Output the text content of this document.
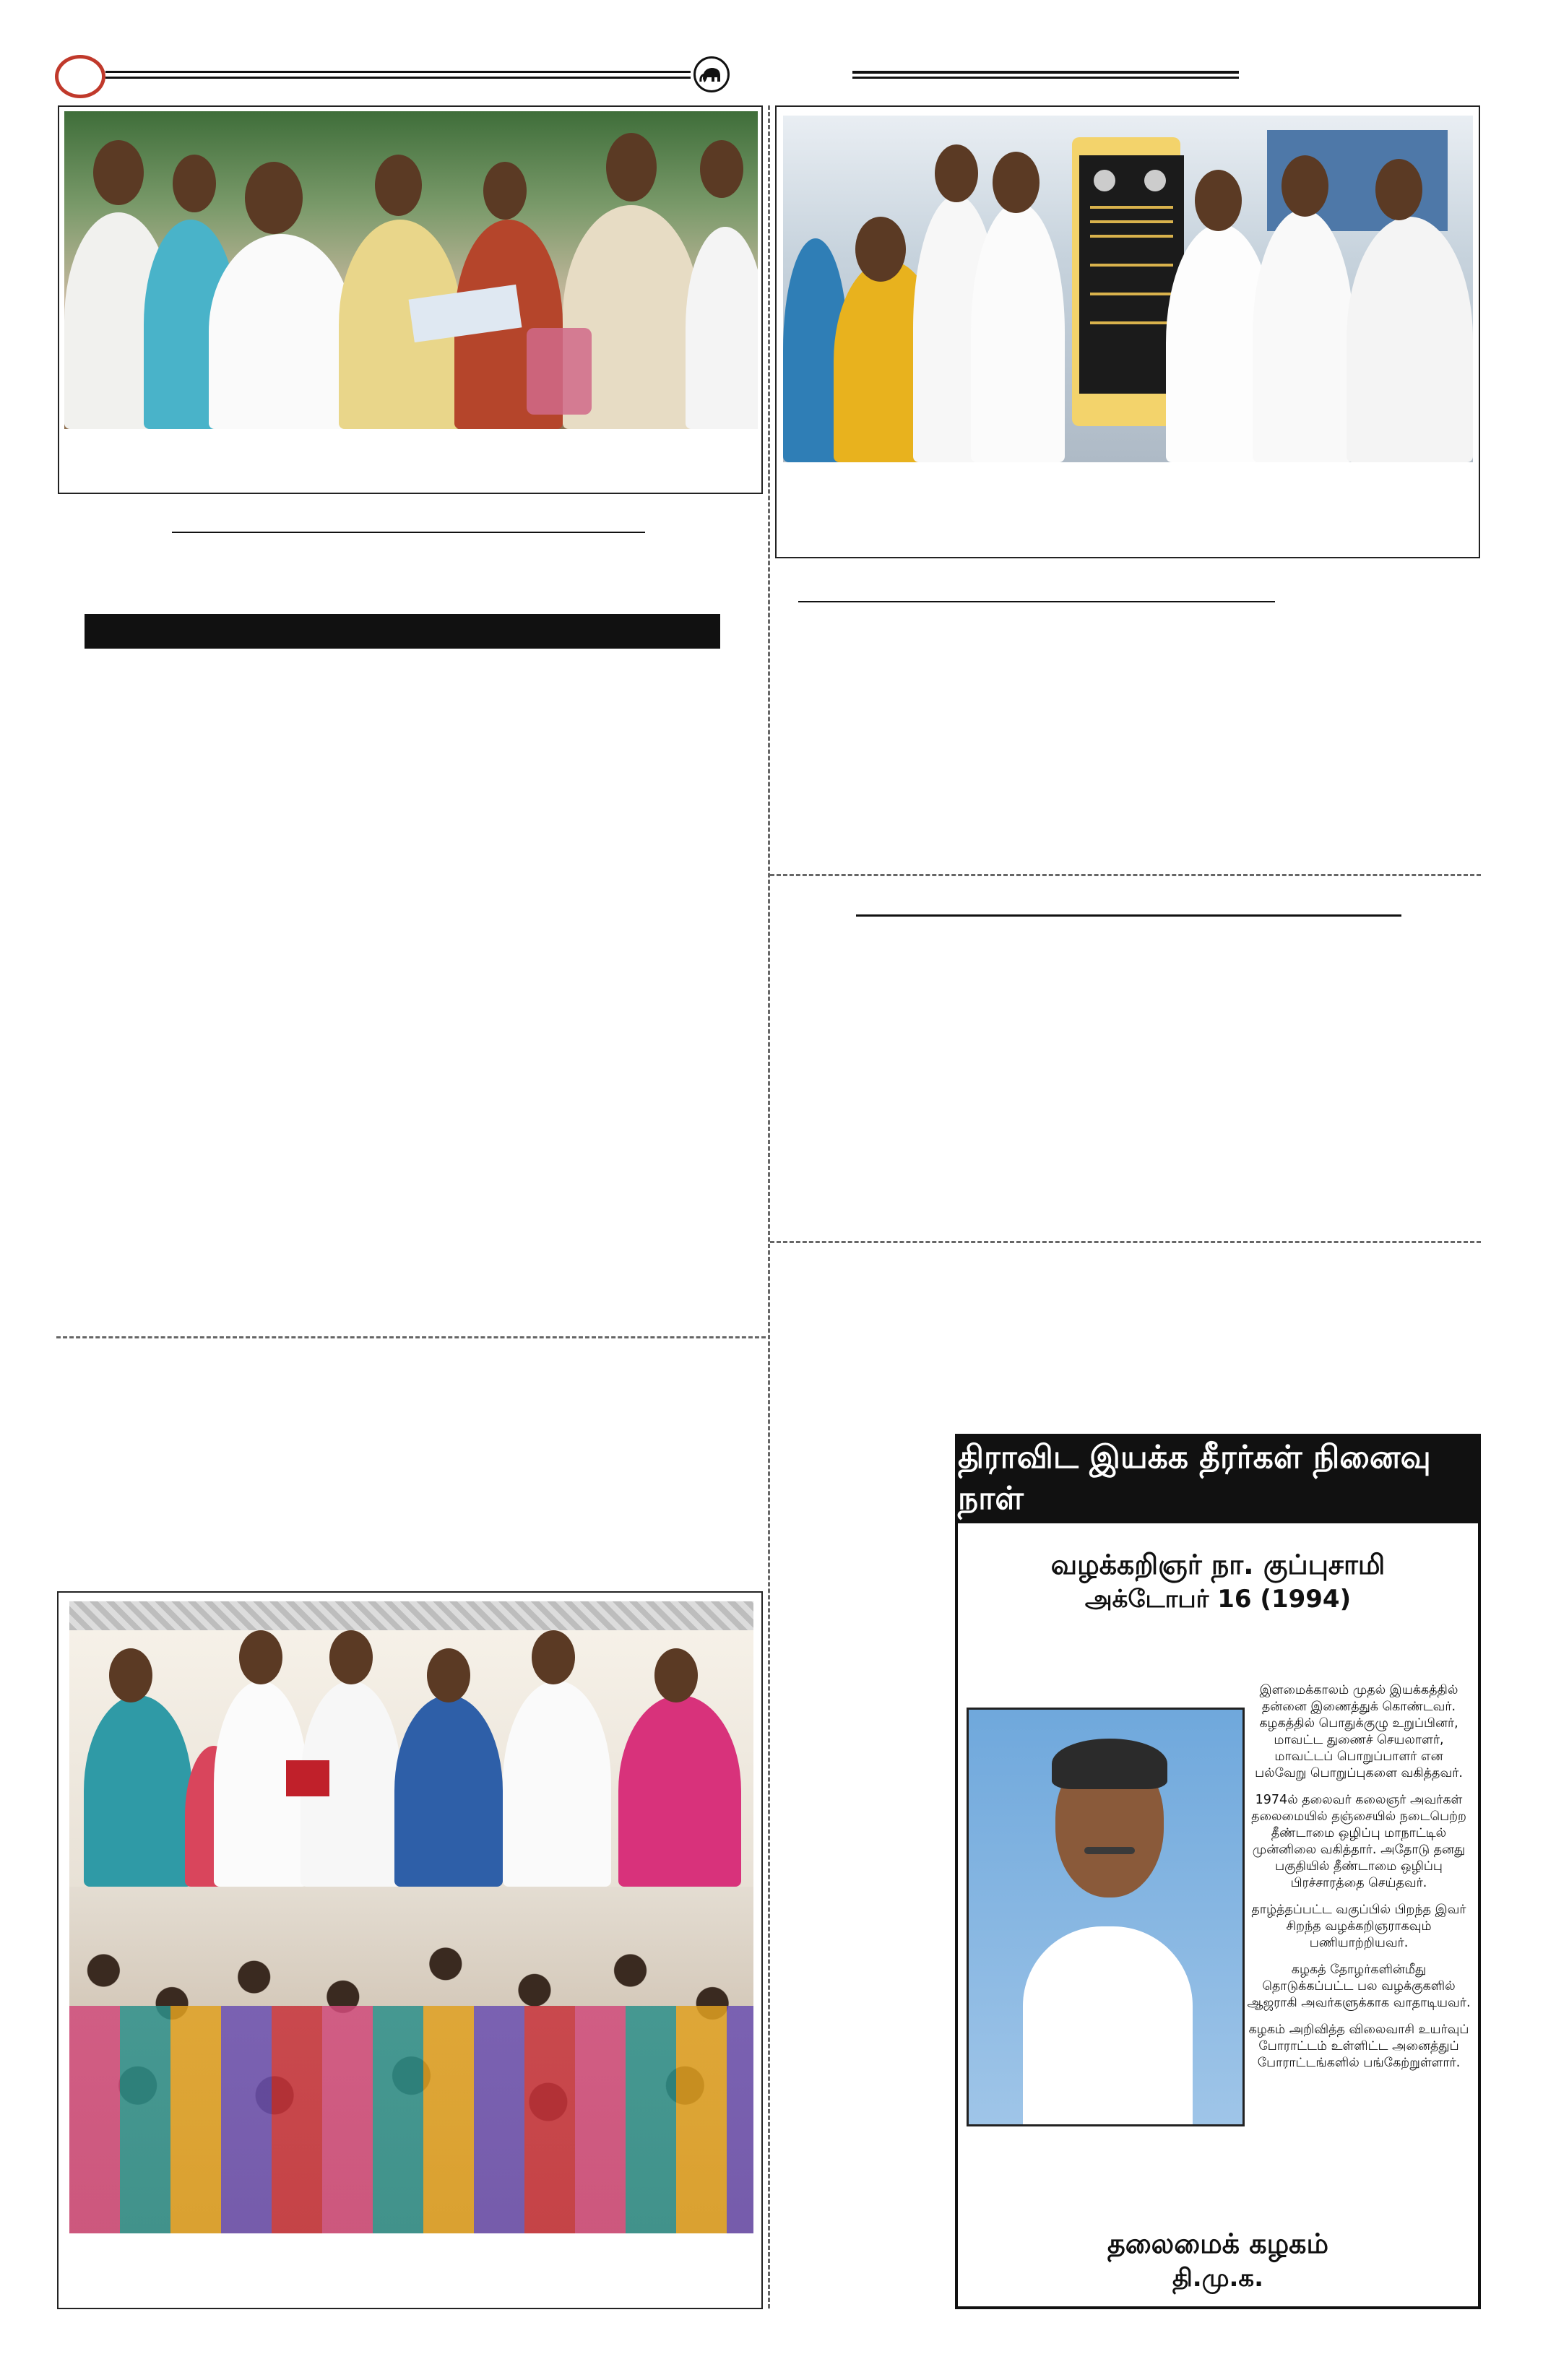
திராவிட இயக்க தீரர்கள் நினைவு நாள்
வழக்கறிஞர் நா. குப்புசாமி
அக்டோபர் 16 (1994)

இளமைக்காலம் முதல் இயக்கத்தில் தன்னை இணைத்துக் கொண்டவர். கழகத்தில் பொதுக்குழு உறுப்பினர், மாவட்ட துணைச் செயலாளர், மாவட்டப் பொறுப்பாளர் என பல்வேறு பொறுப்புகளை வகித்தவர்.

1974ல் தலைவர் கலைஞர் அவர்கள் தலைமையில் தஞ்சையில் நடைபெற்ற தீண்டாமை ஒழிப்பு மாநாட்டில் முன்னிலை வகித்தார். அதோடு தனது பகுதியில் தீண்டாமை ஒழிப்பு பிரச்சாரத்தை செய்தவர்.

தாழ்த்தப்பட்ட வகுப்பில் பிறந்த இவர் சிறந்த வழக்கறிஞராகவும் பணியாற்றியவர்.

கழகத் தோழர்களின்மீது தொடுக்கப்பட்ட பல வழக்குகளில் ஆஜராகி அவர்களுக்காக வாதாடியவர்.

கழகம் அறிவித்த விலைவாசி உயர்வுப் போராட்டம் உள்ளிட்ட அனைத்துப் போராட்டங்களில் பங்கேற்றுள்ளார்.

தலைமைக் கழகம்
தி.மு.க.
